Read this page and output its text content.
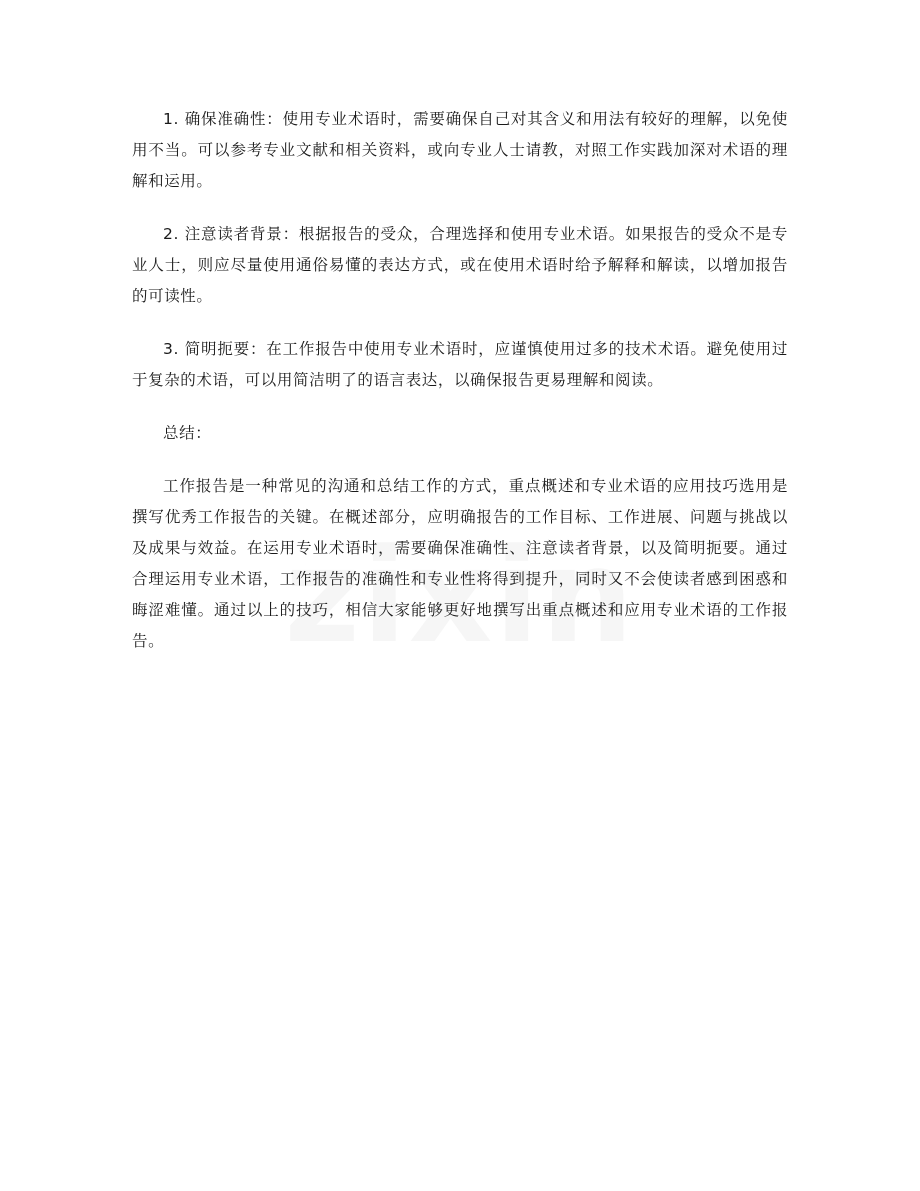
1. 确保准确性：使用专业术语时，需要确保自己对其含义和用法有较好的理解，以免使用不当。可以参考专业文献和相关资料，或向专业人士请教，对照工作实践加深对术语的理解和运用。

2. 注意读者背景：根据报告的受众，合理选择和使用专业术语。如果报告的受众不是专业人士，则应尽量使用通俗易懂的表达方式，或在使用术语时给予解释和解读，以增加报告的可读性。

3. 简明扼要：在工作报告中使用专业术语时，应谨慎使用过多的技术术语。避免使用过于复杂的术语，可以用简洁明了的语言表达，以确保报告更易理解和阅读。

总结：

工作报告是一种常见的沟通和总结工作的方式，重点概述和专业术语的应用技巧选用是撰写优秀工作报告的关键。在概述部分，应明确报告的工作目标、工作进展、问题与挑战以及成果与效益。在运用专业术语时，需要确保准确性、注意读者背景，以及简明扼要。通过合理运用专业术语，工作报告的准确性和专业性将得到提升，同时又不会使读者感到困惑和晦涩难懂。通过以上的技巧，相信大家能够更好地撰写出重点概述和应用专业术语的工作报告。
